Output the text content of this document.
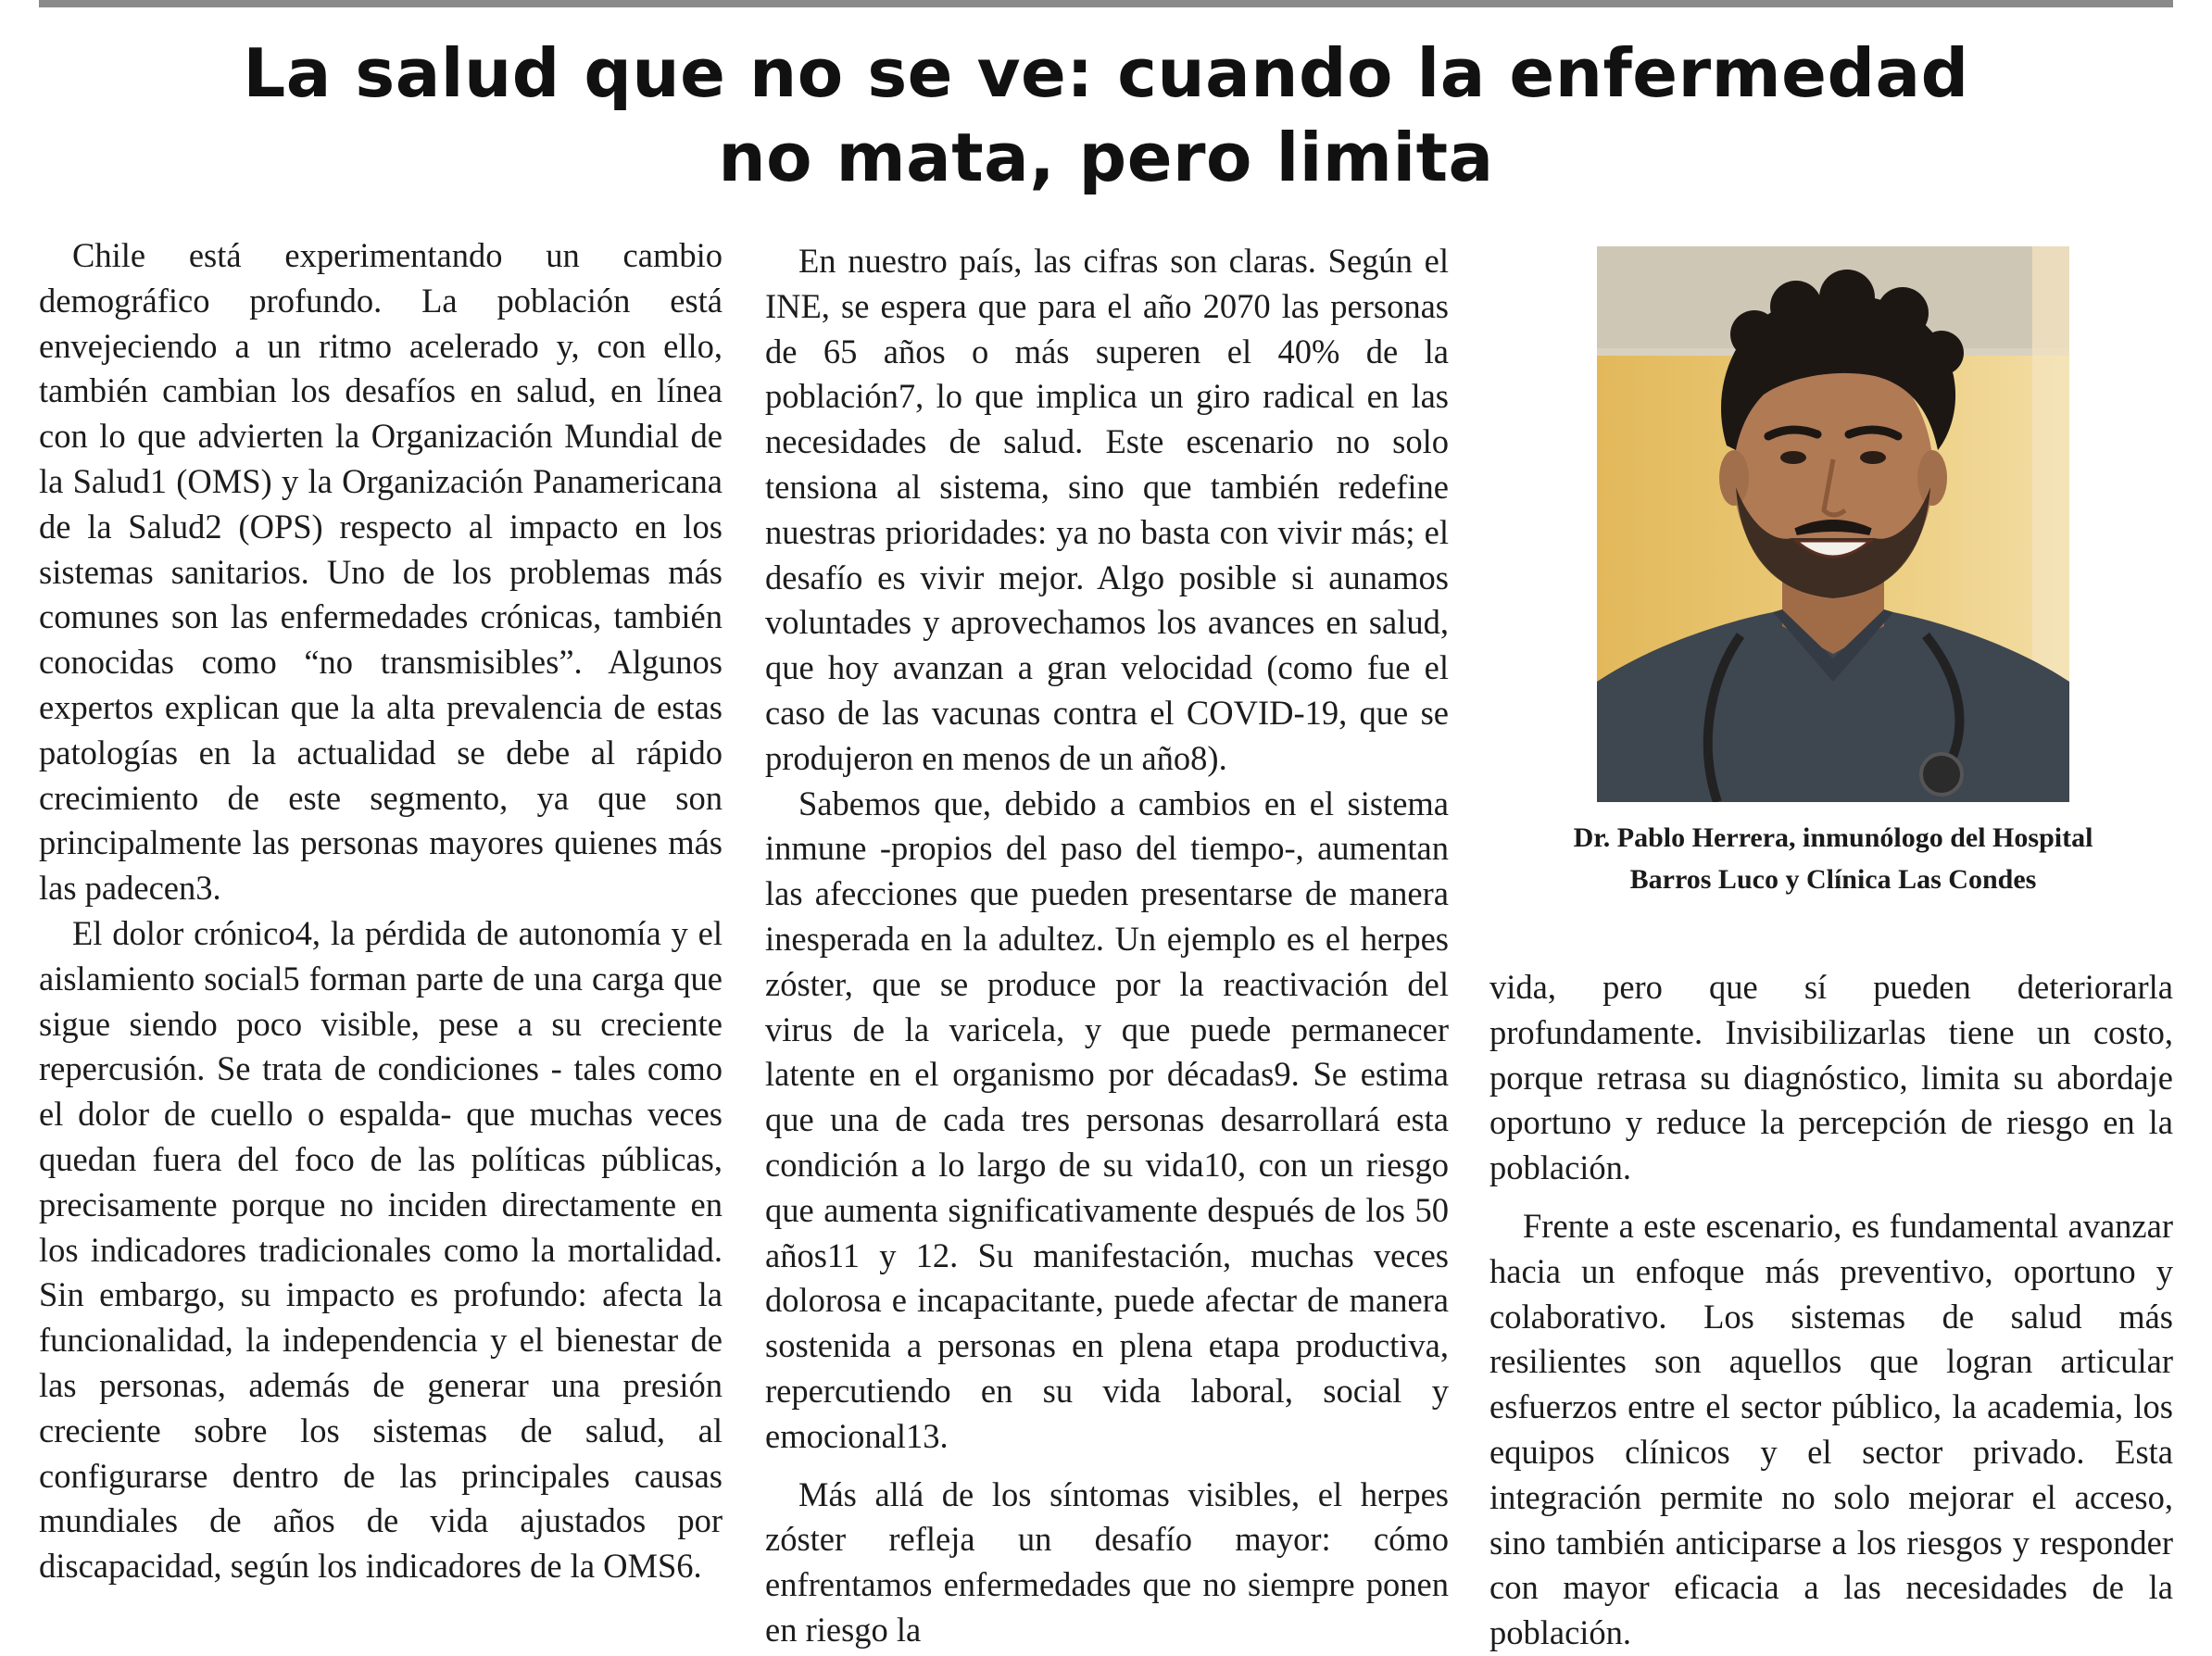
La salud que no se ve: cuando la enfermedad
no mata, pero limita

Chile está experimentando un cambio demográfico profundo. La población está envejeciendo a un ritmo acelerado y, con ello, también cambian los desafíos en salud, en línea con lo que advierten la Organización Mundial de la Salud1 (OMS) y la Organización Panamericana de la Salud2 (OPS) respecto al impacto en los sistemas sanitarios. Uno de los problemas más comunes son las enfermedades crónicas, también conocidas como “no transmisibles”. Algunos expertos explican que la alta prevalencia de estas patologías en la actualidad se debe al rápido crecimiento de este segmento, ya que son principalmente las personas mayores quienes más las padecen3.

El dolor crónico4, la pérdida de autonomía y el aislamiento social5 forman parte de una carga que sigue siendo poco visible, pese a su creciente repercusión. Se trata de condiciones - tales como el dolor de cuello o espalda- que muchas veces quedan fuera del foco de las políticas públicas, precisamente porque no inciden directamente en los indicadores tradicionales como la mortalidad. Sin embargo, su impacto es profundo: afecta la funcionalidad, la independencia y el bienestar de las personas, además de generar una presión creciente sobre los sistemas de salud, al configurarse dentro de las principales causas mundiales de años de vida ajustados por discapacidad, según los indicadores de la OMS6.

En nuestro país, las cifras son claras. Según el INE, se espera que para el año 2070 las personas de 65 años o más superen el 40% de la población7, lo que implica un giro radical en las necesidades de salud. Este escenario no solo tensiona al sistema, sino que también redefine nuestras prioridades: ya no basta con vivir más; el desafío es vivir mejor. Algo posible si aunamos voluntades y aprovechamos los avances en salud, que hoy avanzan a gran velocidad (como fue el caso de las vacunas contra el COVID-19, que se produjeron en menos de un año8).

Sabemos que, debido a cambios en el sistema inmune -propios del paso del tiempo-, aumentan las afecciones que pueden presentarse de manera inesperada en la adultez. Un ejemplo es el herpes zóster, que se produce por la reactivación del virus de la varicela, y que puede permanecer latente en el organismo por décadas9. Se estima que una de cada tres personas desarrollará esta condición a lo largo de su vida10, con un riesgo que aumenta significativamente después de los 50 años11 y 12. Su manifestación, muchas veces dolorosa e incapacitante, puede afectar de manera sostenida a personas en plena etapa productiva, repercutiendo en su vida laboral, social y emocional13.

Más allá de los síntomas visibles, el herpes zóster refleja un desafío mayor: cómo enfrentamos enfermedades que no siempre ponen en riesgo la

Dr. Pablo Herrera, inmunólogo del Hospital
Barros Luco y Clínica Las Condes

vida, pero que sí pueden deteriorarla profundamente. Invisibilizarlas tiene un costo, porque retrasa su diagnóstico, limita su abordaje oportuno y reduce la percepción de riesgo en la población.

Frente a este escenario, es fundamental avanzar hacia un enfoque más preventivo, oportuno y colaborativo. Los sistemas de salud más resilientes son aquellos que logran articular esfuerzos entre el sector público, la academia, los equipos clínicos y el sector privado. Esta integración permite no solo mejorar el acceso, sino también anticiparse a los riesgos y responder con mayor eficacia a las necesidades de la población.
